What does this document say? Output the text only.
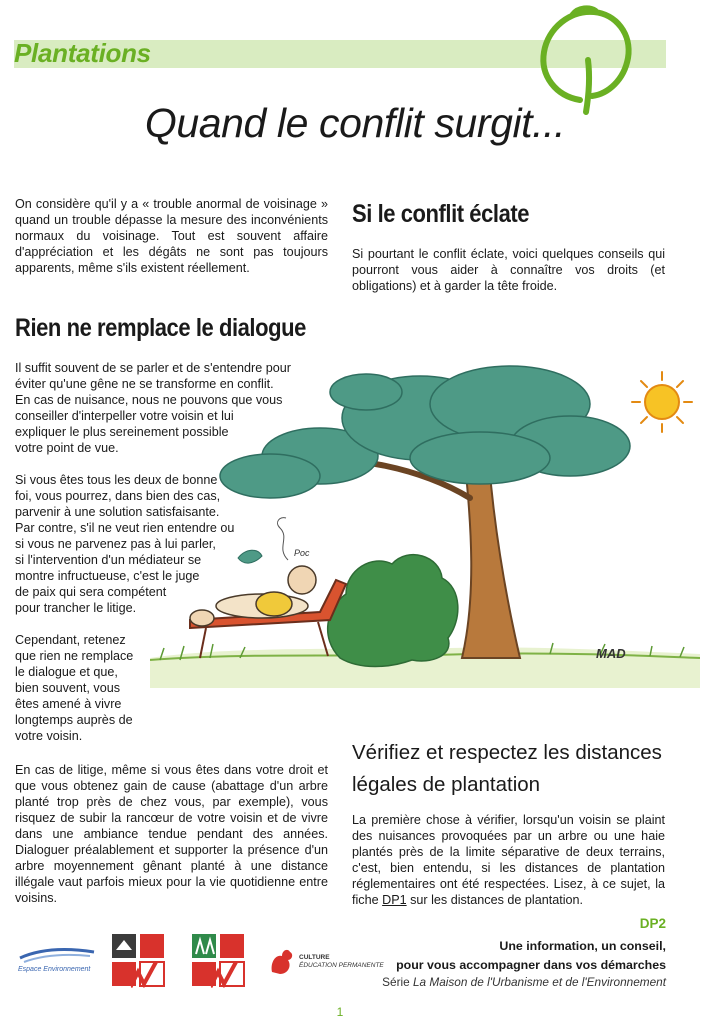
Plantations
Quand le conflit surgit...
On considère qu'il y a « trouble anormal de voisinage » quand un trouble dépasse la mesure des inconvénients normaux du voisinage. Tout est souvent affaire d'appréciation et les dégâts ne sont pas toujours apparents, même s'ils existent réellement.
Si le conflit éclate
Si pourtant le conflit éclate, voici quelques conseils qui pourront vous aider à connaître vos droits (et obligations) et à garder la tête froide.
Rien ne remplace le dialogue
Poc
MAD
Il suffit souvent de se parler et de s'entendre pour
éviter qu'une gêne ne se transforme en conflit.
En cas de nuisance, nous ne pouvons que vous
conseiller d'interpeller votre voisin et lui
expliquer le plus sereinement possible
votre point de vue.
Si vous êtes tous les deux de bonne
foi, vous pourrez, dans bien des cas,
parvenir à une solution satisfaisante.
Par contre, s'il ne veut rien entendre ou
si vous ne parvenez pas à lui parler,
si l'intervention d'un médiateur se
montre infructueuse, c'est le juge
de paix qui sera compétent
pour trancher le litige.
Cependant, retenez
que rien ne remplace
le dialogue et que,
bien souvent, vous
êtes amené à vivre
longtemps auprès de
votre voisin.
En cas de litige, même si vous êtes dans votre droit et que vous obtenez gain de cause (abattage d'un arbre planté trop près de chez vous, par exemple), vous risquez de subir la rancœur de votre voisin et de vivre dans une ambiance tendue pendant des années. Dialoguer préalablement et supporter la présence d'un arbre moyennement gênant planté à une distance illégale vaut parfois mieux pour la vie quotidienne entre voisins.
Vérifiez et respectez les distances
légales de plantation
La première chose à vérifier, lorsqu'un voisin se plaint des nuisances provoquées par un arbre ou une haie plantés près de la limite séparative de deux terrains, c'est, bien entendu, si les distances de plantation réglementaires ont été respectées. Lisez, à ce sujet, la fiche DP1 sur les distances de plantation.
Espace Environnement
CULTURE
ÉDUCATION PERMANENTE
DP2
Une information, un conseil,
pour vous accompagner dans vos démarches
Série La Maison de l'Urbanisme et de l'Environnement
1
